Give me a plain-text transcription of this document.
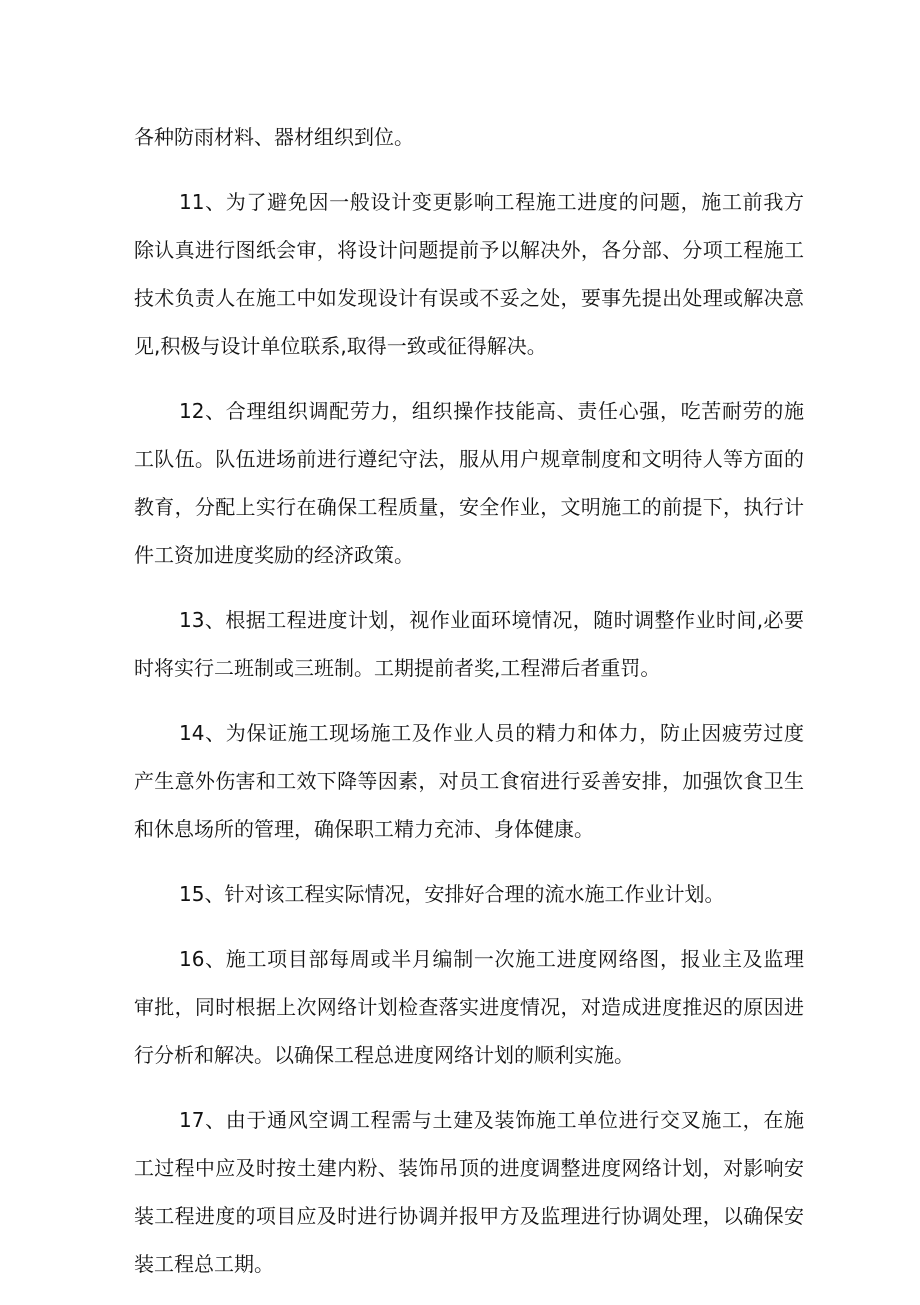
各种防雨材料、器材组织到位。

11、为了避免因一般设计变更影响工程施工进度的问题，施工前我方除认真进行图纸会审，将设计问题提前予以解决外，各分部、分项工程施工技术负责人在施工中如发现设计有误或不妥之处，要事先提出处理或解决意见,积极与设计单位联系,取得一致或征得解决。

12、合理组织调配劳力，组织操作技能高、责任心强，吃苦耐劳的施工队伍。队伍进场前进行遵纪守法，服从用户规章制度和文明待人等方面的教育，分配上实行在确保工程质量，安全作业，文明施工的前提下，执行计件工资加进度奖励的经济政策。

13、根据工程进度计划，视作业面环境情况，随时调整作业时间,必要时将实行二班制或三班制。工期提前者奖,工程滞后者重罚。

14、为保证施工现场施工及作业人员的精力和体力，防止因疲劳过度产生意外伤害和工效下降等因素，对员工食宿进行妥善安排，加强饮食卫生和休息场所的管理，确保职工精力充沛、身体健康。

15、针对该工程实际情况，安排好合理的流水施工作业计划。

16、施工项目部每周或半月编制一次施工进度网络图，报业主及监理审批，同时根据上次网络计划检查落实进度情况，对造成进度推迟的原因进行分析和解决。以确保工程总进度网络计划的顺利实施。

17、由于通风空调工程需与土建及装饰施工单位进行交叉施工，在施工过程中应及时按土建内粉、装饰吊顶的进度调整进度网络计划，对影响安装工程进度的项目应及时进行协调并报甲方及监理进行协调处理，以确保安装工程总工期。
